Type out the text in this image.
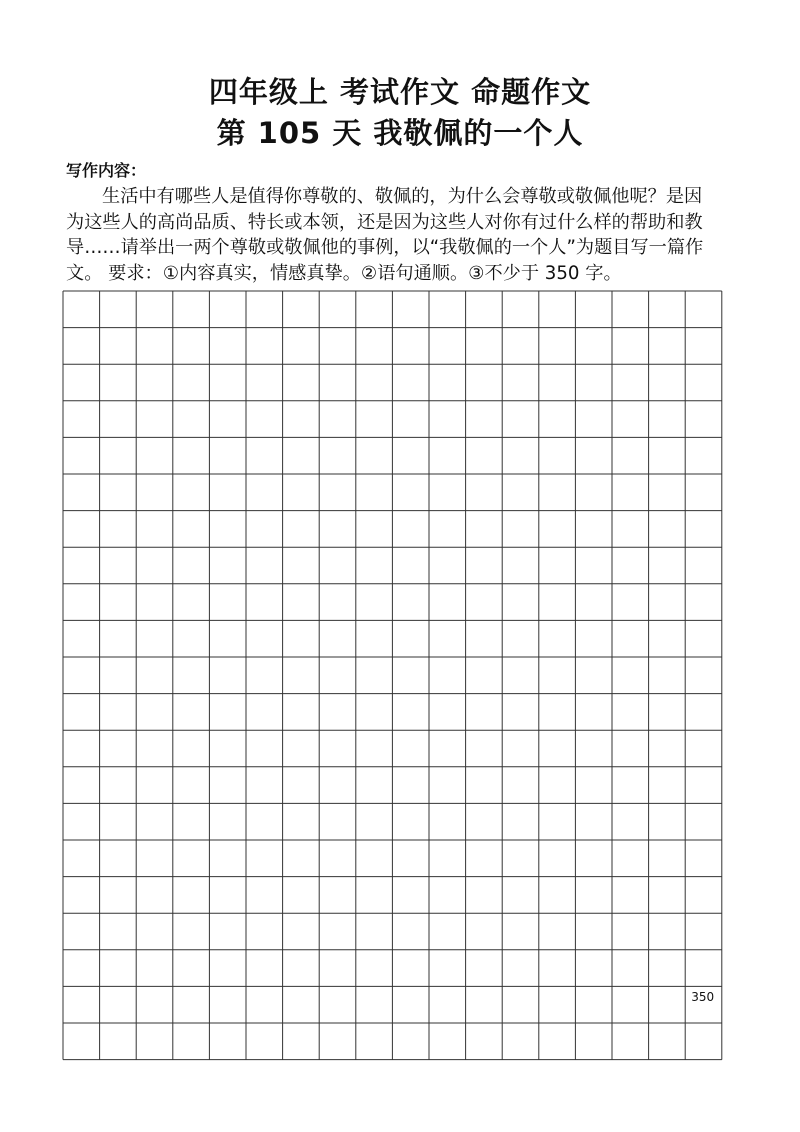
四年级上 考试作文 命题作文
第 105 天 我敬佩的一个人
写作内容：
生活中有哪些人是值得你尊敬的、敬佩的，为什么会尊敬或敬佩他呢？是因
为这些人的高尚品质、特长或本领，还是因为这些人对你有过什么样的帮助和教
导……请举出一两个尊敬或敬佩他的事例，以“我敬佩的一个人”为题目写一篇作
文。 要求：①内容真实，情感真挚。②语句通顺。③不少于 350 字。
350
